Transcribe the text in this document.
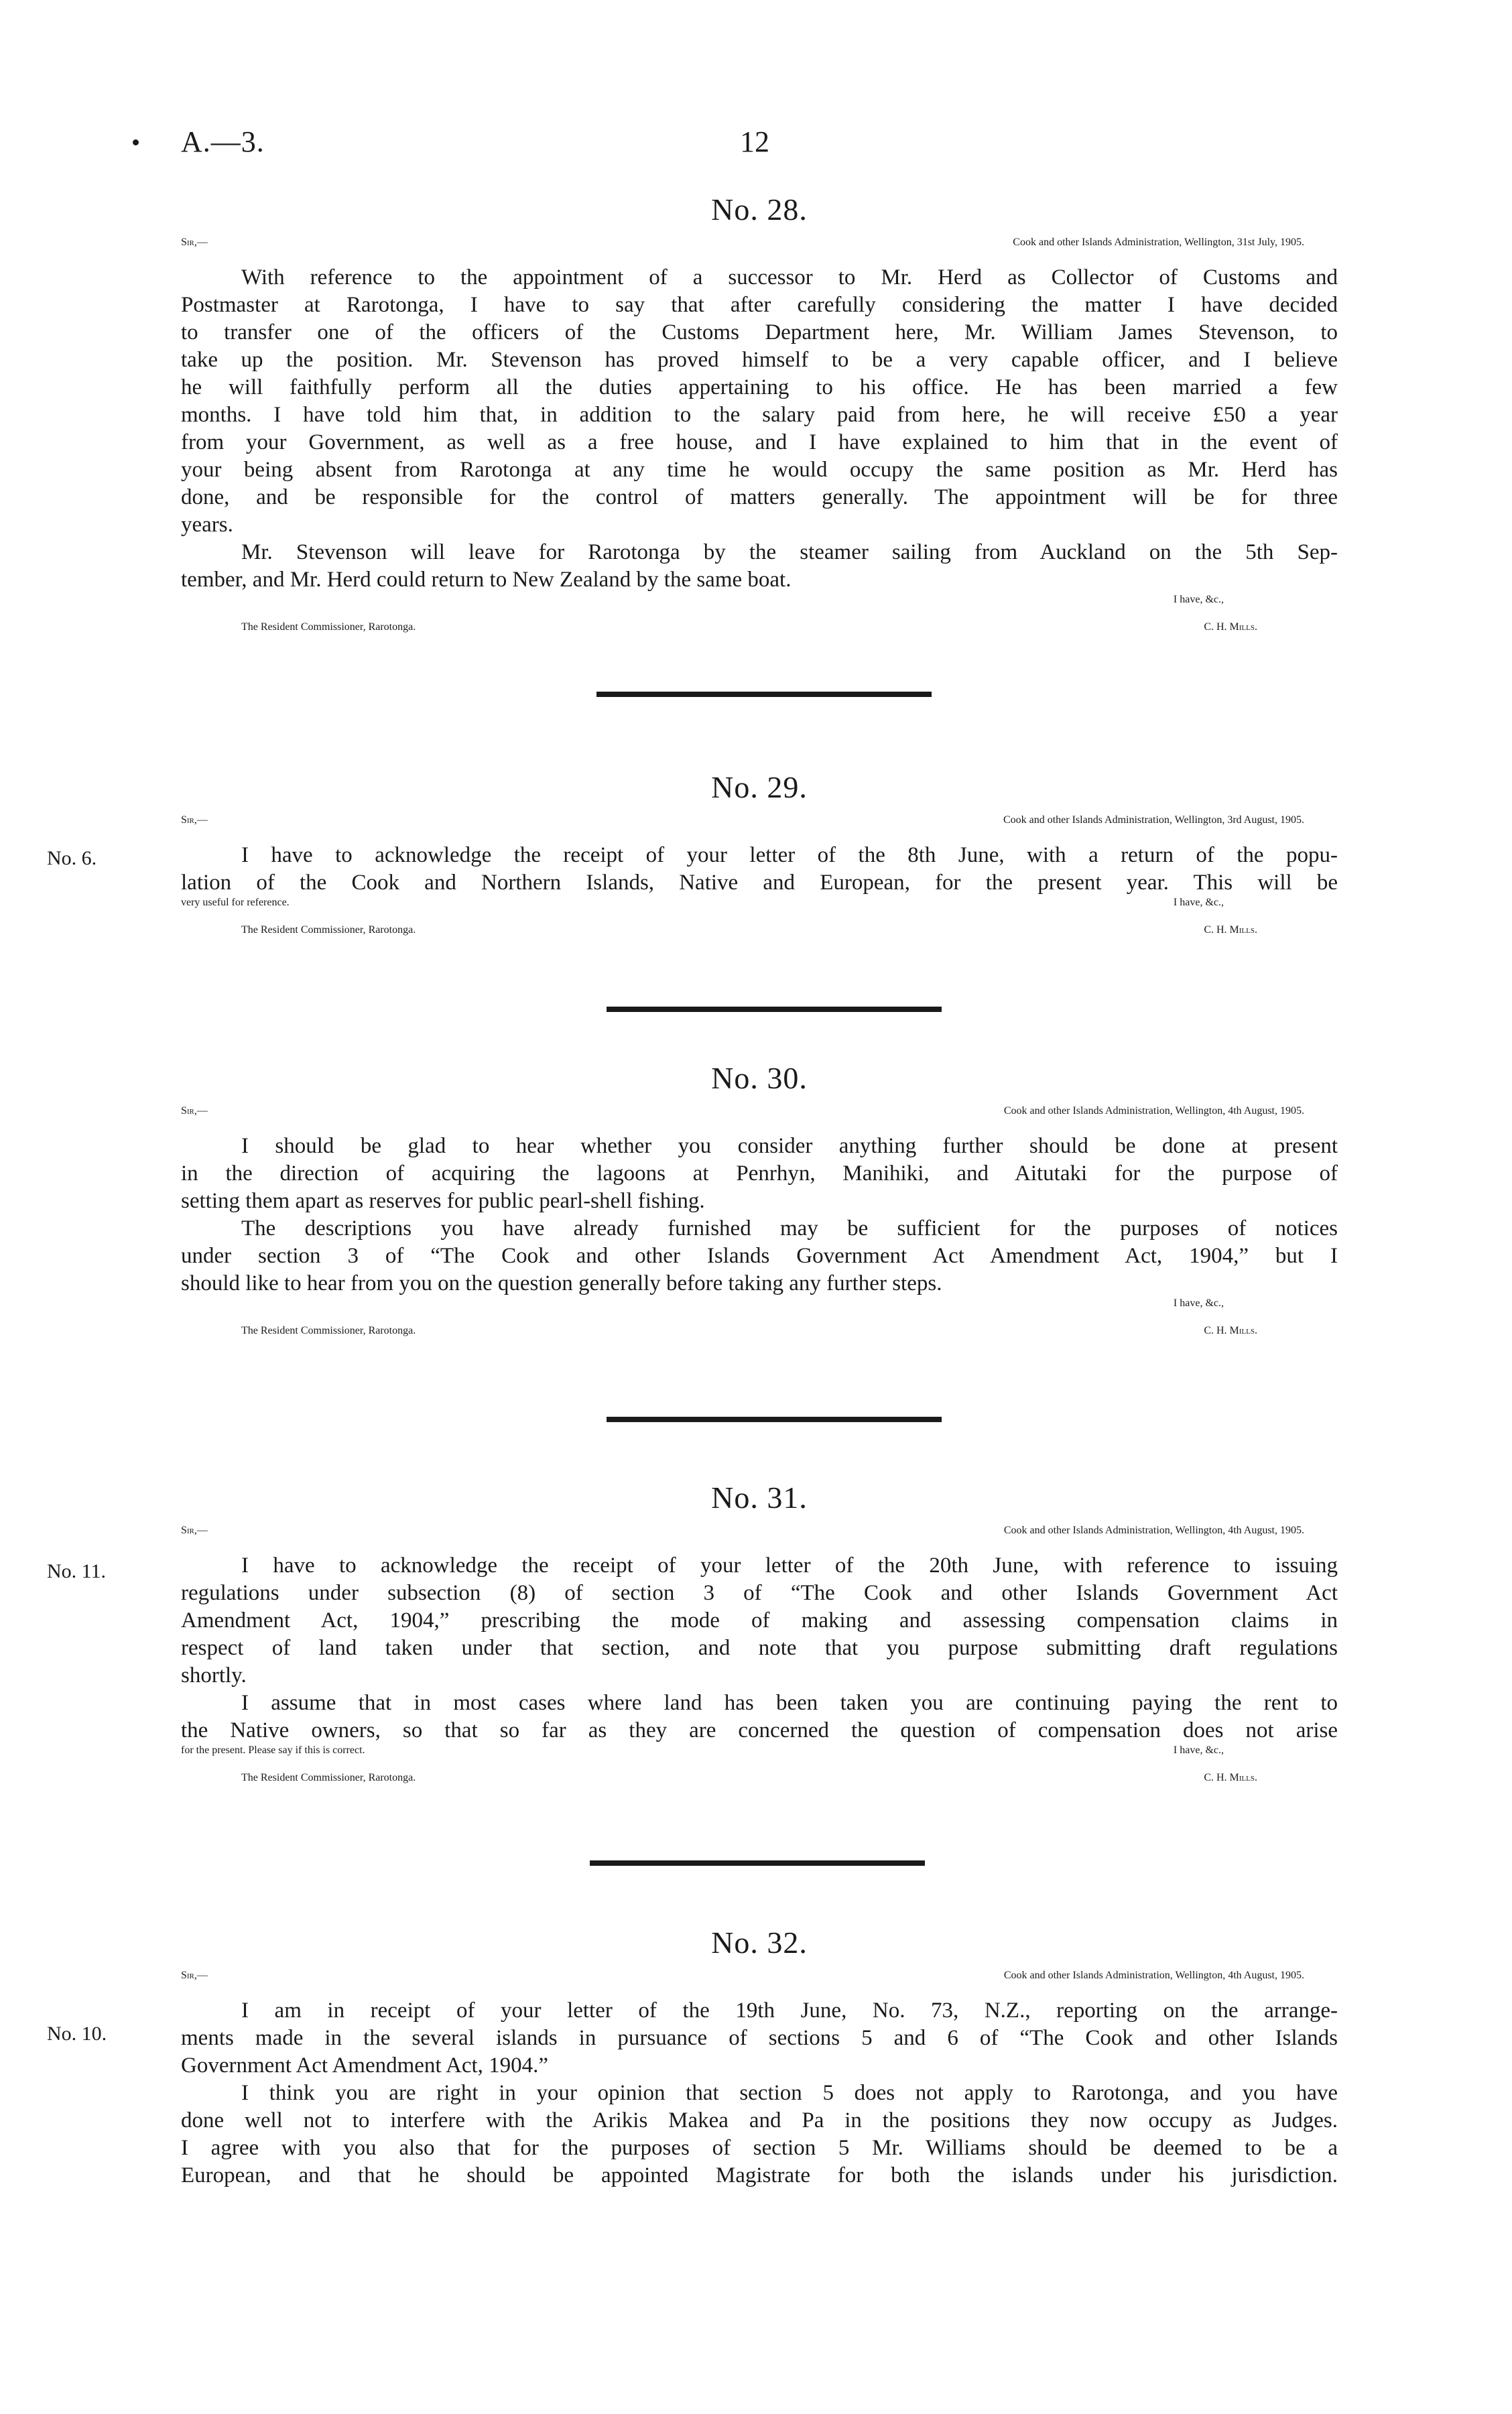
A.—3.	12
No. 28.
Sir,—	Cook and other Islands Administration, Wellington, 31st July, 1905.
With reference to the appointment of a successor to Mr. Herd as Collector of Customs and
Postmaster at Rarotonga, I have to say that after carefully considering the matter I have decided
to transfer one of the officers of the Customs Department here, Mr. William James Stevenson, to
take up the position. Mr. Stevenson has proved himself to be a very capable officer, and I believe
he will faithfully perform all the duties appertaining to his office. He has been married a few
months. I have told him that, in addition to the salary paid from here, he will receive £50 a year
from your Government, as well as a free house, and I have explained to him that in the event of
your being absent from Rarotonga at any time he would occupy the same position as Mr. Herd has
done, and be responsible for the control of matters generally. The appointment will be for three
years.
Mr. Stevenson will leave for Rarotonga by the steamer sailing from Auckland on the 5th Sep-
tember, and Mr. Herd could return to New Zealand by the same boat.
I have, &c.,
The Resident Commissioner, Rarotonga.	C. H. Mills.
No. 6.
No. 29.
Sir,—	Cook and other Islands Administration, Wellington, 3rd August, 1905.
I have to acknowledge the receipt of your letter of the 8th June, with a return of the popu-
lation of the Cook and Northern Islands, Native and European, for the present year. This will be
very useful for reference.	I have, &c.,
The Resident Commissioner, Rarotonga.	C. H. Mills.
No. 30.
Sir,—	Cook and other Islands Administration, Wellington, 4th August, 1905.
I should be glad to hear whether you consider anything further should be done at present
in the direction of acquiring the lagoons at Penrhyn, Manihiki, and Aitutaki for the purpose of
setting them apart as reserves for public pearl-shell fishing.
The descriptions you have already furnished may be sufficient for the purposes of notices
under section 3 of “The Cook and other Islands Government Act Amendment Act, 1904,” but I
should like to hear from you on the question generally before taking any further steps.
I have, &c.,
The Resident Commissioner, Rarotonga.	C. H. Mills.
No. 11.
No. 31.
Sir,—	Cook and other Islands Administration, Wellington, 4th August, 1905.
I have to acknowledge the receipt of your letter of the 20th June, with reference to issuing
regulations under subsection (8) of section 3 of “The Cook and other Islands Government Act
Amendment Act, 1904,” prescribing the mode of making and assessing compensation claims in
respect of land taken under that section, and note that you purpose submitting draft regulations
shortly.
I assume that in most cases where land has been taken you are continuing paying the rent to
the Native owners, so that so far as they are concerned the question of compensation does not arise
for the present. Please say if this is correct.	I have, &c.,
The Resident Commissioner, Rarotonga.	C. H. Mills.
No. 10.
No. 32.
Sir,—	Cook and other Islands Administration, Wellington, 4th August, 1905.
I am in receipt of your letter of the 19th June, No. 73, N.Z., reporting on the arrange-
ments made in the several islands in pursuance of sections 5 and 6 of “The Cook and other Islands
Government Act Amendment Act, 1904.”
I think you are right in your opinion that section 5 does not apply to Rarotonga, and you have
done well not to interfere with the Arikis Makea and Pa in the positions they now occupy as Judges.
I agree with you also that for the purposes of section 5 Mr. Williams should be deemed to be a
European, and that he should be appointed Magistrate for both the islands under his jurisdiction.
